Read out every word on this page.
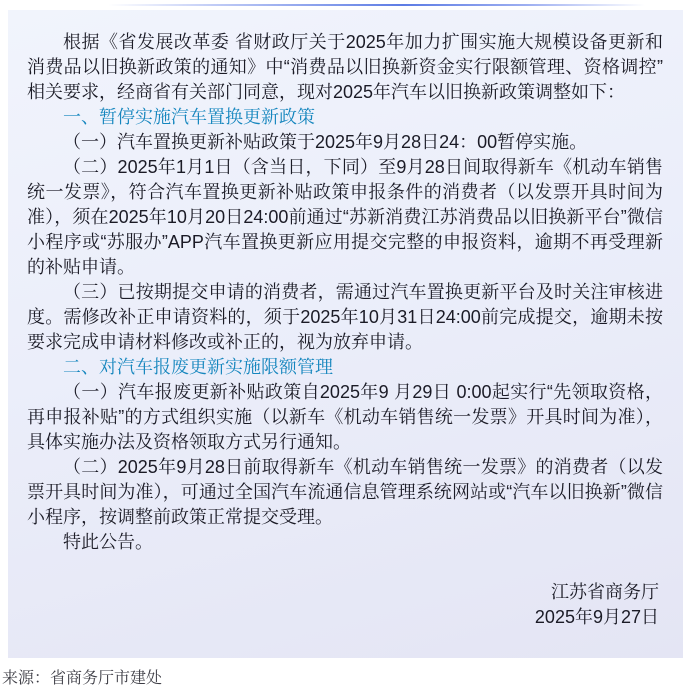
根据《省发展改革委 省财政厅关于2025年加力扩围实施大规模设备更新和消费品以旧换新政策的通知》中“消费品以旧换新资金实行限额管理、资格调控”相关要求，经商省有关部门同意，现对2025年汽车以旧换新政策调整如下：

一、暂停实施汽车置换更新政策

（一）汽车置换更新补贴政策于2025年9月28日24：00暂停实施。

（二）2025年1月1日（含当日，下同）至9月28日间取得新车《机动车销售统一发票》，符合汽车置换更新补贴政策申报条件的消费者（以发票开具时间为准），须在2025年10月20日24:00前通过“苏新消费江苏消费品以旧换新平台”微信小程序或“苏服办”APP汽车置换更新应用提交完整的申报资料，逾期不再受理新的补贴申请。

（三）已按期提交申请的消费者，需通过汽车置换更新平台及时关注审核进度。需修改补正申请资料的，须于2025年10月31日24:00前完成提交，逾期未按要求完成申请材料修改或补正的，视为放弃申请。

二、对汽车报废更新实施限额管理

（一）汽车报废更新补贴政策自2025年9 月29日 0:00起实行“先领取资格，再申报补贴”的方式组织实施（以新车《机动车销售统一发票》开具时间为准），具体实施办法及资格领取方式另行通知。

（二）2025年9月28日前取得新车《机动车销售统一发票》的消费者（以发票开具时间为准），可通过全国汽车流通信息管理系统网站或“汽车以旧换新”微信小程序，按调整前政策正常提交受理。

特此公告。

江苏省商务厅
2025年9月27日
来源：省商务厅市建处
